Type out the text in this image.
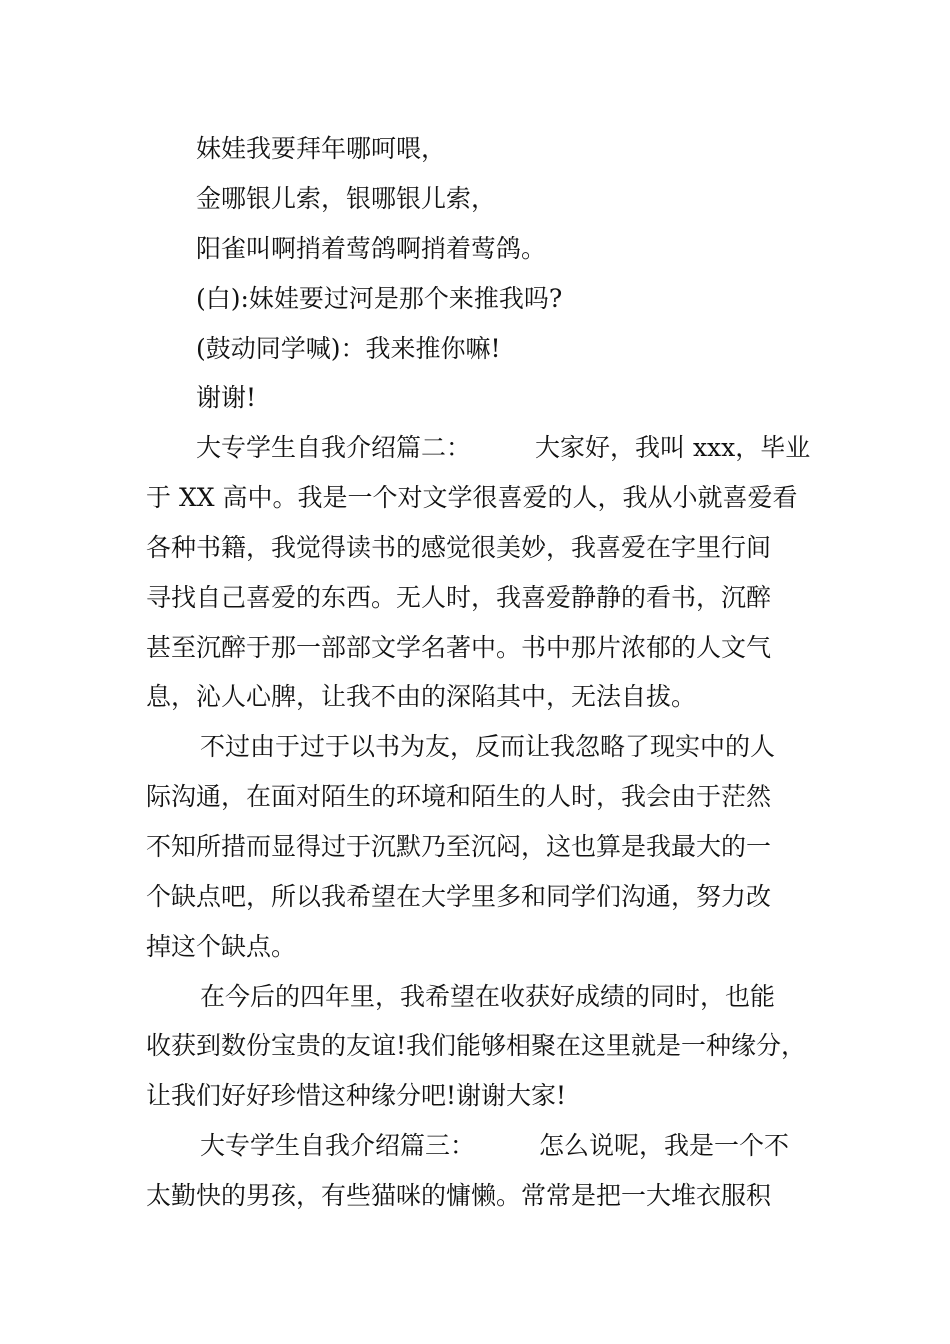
妹娃我要拜年哪呵喂，
金哪银儿索，银哪银儿索，
阳雀叫啊捎着莺鸽啊捎着莺鸽。
(白):妹娃要过河是那个来推我吗?
(鼓动同学喊)：我来推你嘛!
谢谢!
大专学生自我介绍篇二：	大家好，我叫 xxx，毕业
于 XX 高中。我是一个对文学很喜爱的人，我从小就喜爱看
各种书籍，我觉得读书的感觉很美妙，我喜爱在字里行间
寻找自己喜爱的东西。无人时，我喜爱静静的看书，沉醉
甚至沉醉于那一部部文学名著中。书中那片浓郁的人文气
息，沁人心脾，让我不由的深陷其中，无法自拔。
不过由于过于以书为友，反而让我忽略了现实中的人
际沟通，在面对陌生的环境和陌生的人时，我会由于茫然
不知所措而显得过于沉默乃至沉闷，这也算是我最大的一
个缺点吧，所以我希望在大学里多和同学们沟通，努力改
掉这个缺点。
在今后的四年里，我希望在收获好成绩的同时，也能
收获到数份宝贵的友谊!我们能够相聚在这里就是一种缘分，
让我们好好珍惜这种缘分吧!谢谢大家!
大专学生自我介绍篇三：	怎么说呢，我是一个不
太勤快的男孩，有些猫咪的慵懒。常常是把一大堆衣服积
